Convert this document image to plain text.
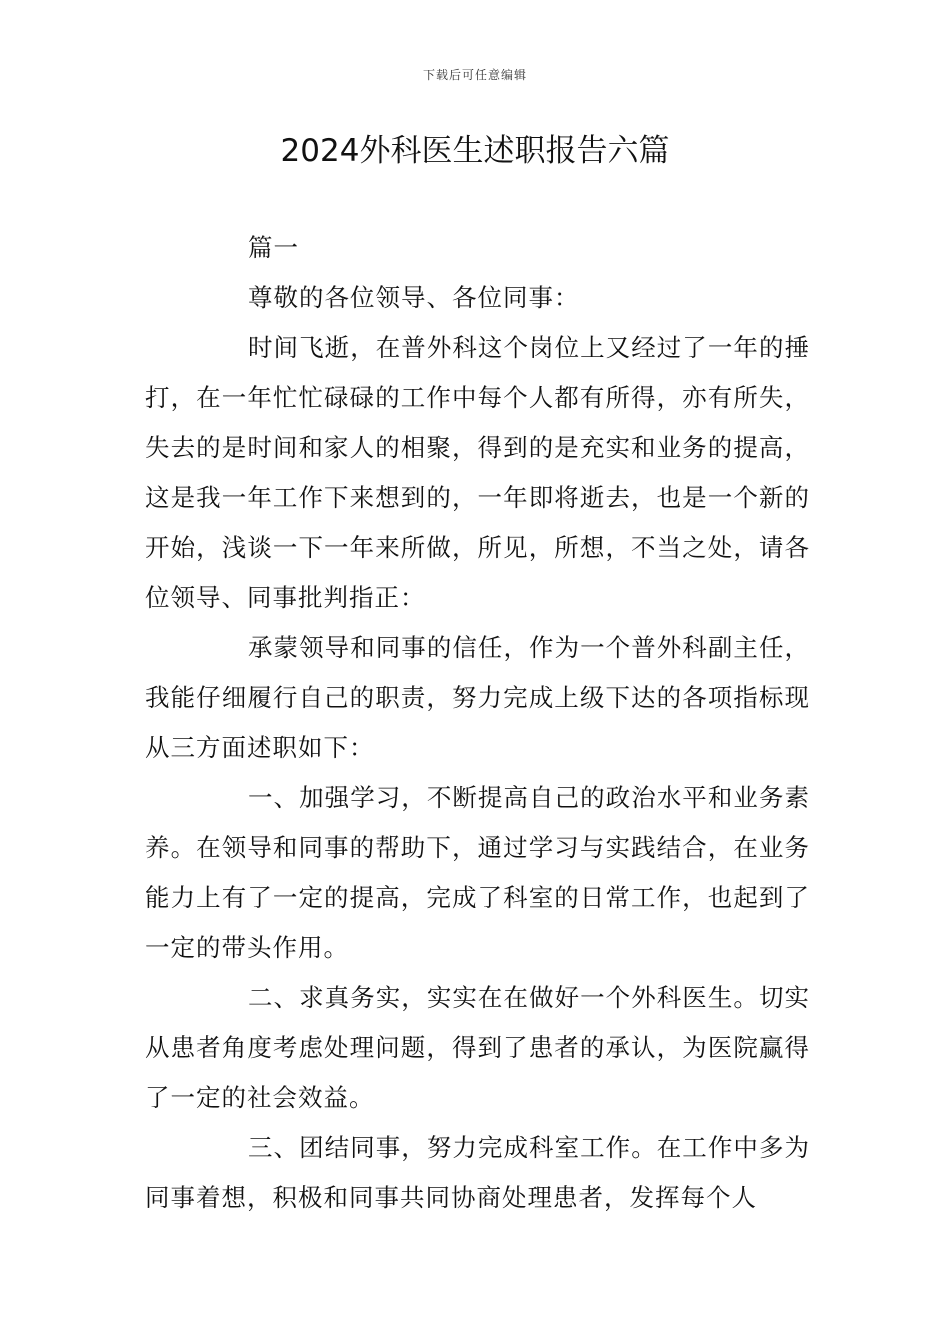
下载后可任意编辑
2024外科医生述职报告六篇

篇一

尊敬的各位领导、各位同事：

时间飞逝，在普外科这个岗位上又经过了一年的捶打，在一年忙忙碌碌的工作中每个人都有所得，亦有所失，失去的是时间和家人的相聚，得到的是充实和业务的提高，这是我一年工作下来想到的，一年即将逝去，也是一个新的开始，浅谈一下一年来所做，所见，所想，不当之处，请各位领导、同事批判指正：

承蒙领导和同事的信任，作为一个普外科副主任，我能仔细履行自己的职责，努力完成上级下达的各项指标现从三方面述职如下：

一、加强学习，不断提高自己的政治水平和业务素养。在领导和同事的帮助下，通过学习与实践结合，在业务能力上有了一定的提高，完成了科室的日常工作，也起到了一定的带头作用。

二、求真务实，实实在在做好一个外科医生。切实从患者角度考虑处理问题，得到了患者的承认，为医院赢得了一定的社会效益。

三、团结同事，努力完成科室工作。在工作中多为同事着想，积极和同事共同协商处理患者，发挥每个人
